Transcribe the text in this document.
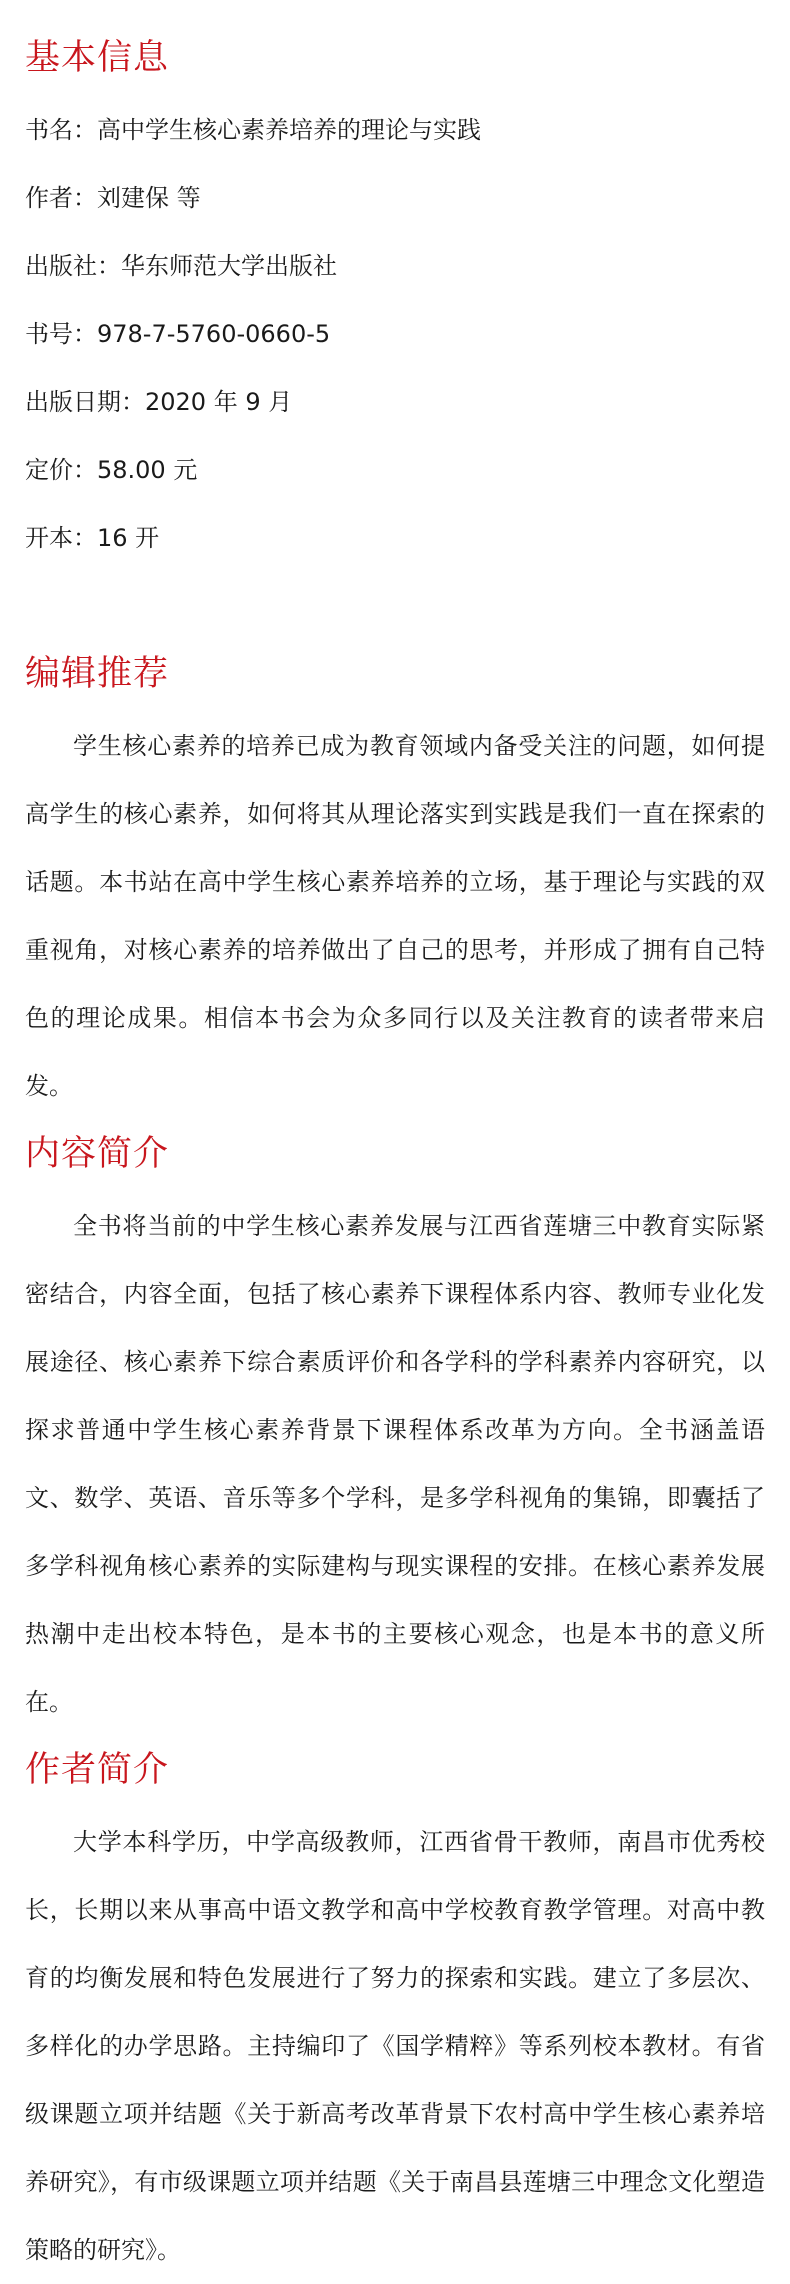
基本信息

书名：高中学生核心素养培养的理论与实践

作者：刘建保 等

出版社：华东师范大学出版社

书号：978-7-5760-0660-5

出版日期：2020 年 9 月

定价：58.00 元

开本：16 开

编辑推荐

学生核心素养的培养已成为教育领域内备受关注的问题，如何提高学生的核心素养，如何将其从理论落实到实践是我们一直在探索的话题。本书站在高中学生核心素养培养的立场，基于理论与实践的双重视角，对核心素养的培养做出了自己的思考，并形成了拥有自己特色的理论成果。相信本书会为众多同行以及关注教育的读者带来启发。

内容简介

全书将当前的中学生核心素养发展与江西省莲塘三中教育实际紧密结合，内容全面，包括了核心素养下课程体系内容、教师专业化发展途径、核心素养下综合素质评价和各学科的学科素养内容研究，以探求普通中学生核心素养背景下课程体系改革为方向。全书涵盖语文、数学、英语、音乐等多个学科，是多学科视角的集锦，即囊括了多学科视角核心素养的实际建构与现实课程的安排。在核心素养发展热潮中走出校本特色，是本书的主要核心观念，也是本书的意义所在。

作者简介

大学本科学历，中学高级教师，江西省骨干教师，南昌市优秀校长，长期以来从事高中语文教学和高中学校教育教学管理。对高中教育的均衡发展和特色发展进行了努力的探索和实践。建立了多层次、多样化的办学思路。主持编印了《国学精粹》等系列校本教材。有省级课题立项并结题《关于新高考改革背景下农村高中学生核心素养培养研究》，有市级课题立项并结题《关于南昌县莲塘三中理念文化塑造策略的研究》。
